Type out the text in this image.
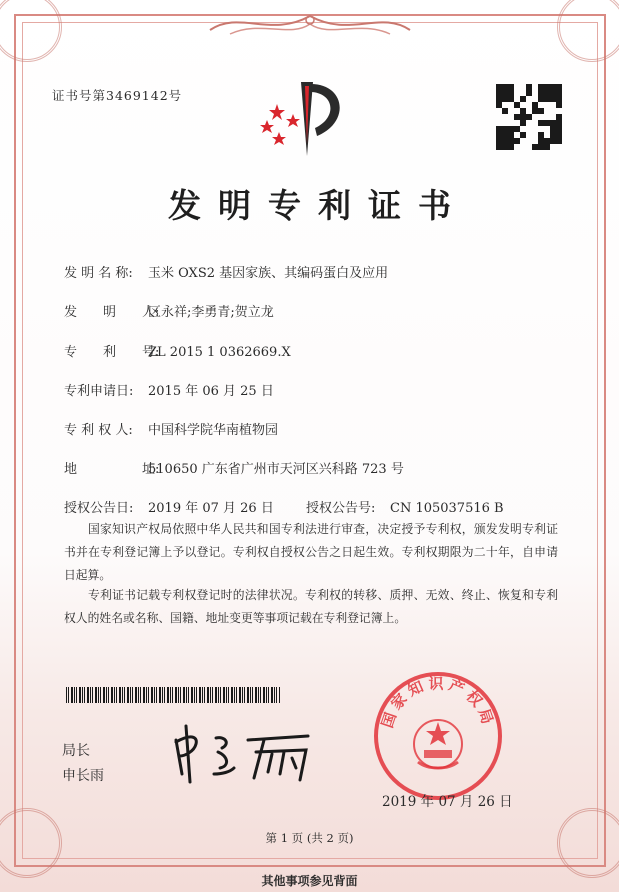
证书号第3469142号
发明专利证书
发 明 名 称: 玉米 OXS2 基因家族、其编码蛋白及应用
发　　明　　人:区永祥;李勇青;贺立龙
专　　利　　号:ZL 2015 1 0362669.X
专利申请日: 2015 年 06 月 25 日
专 利 权 人: 中国科学院华南植物园
地　　　　　址:510650 广东省广州市天河区兴科路 723 号
授权公告日: 2019 年 07 月 26 日 授权公告号: CN 105037516 B
国家知识产权局依照中华人民共和国专利法进行审查，决定授予专利权，颁发发明专利证书并在专利登记簿上予以登记。专利权自授权公告之日起生效。专利权期限为二十年，自申请日起算。
专利证书记载专利权登记时的法律状况。专利权的转移、质押、无效、终止、恢复和专利权人的姓名或名称、国籍、地址变更等事项记载在专利登记簿上。
局长
申长雨
国家知识产权局
2019 年 07 月 26 日
第 1 页 (共 2 页)
其他事项参见背面
